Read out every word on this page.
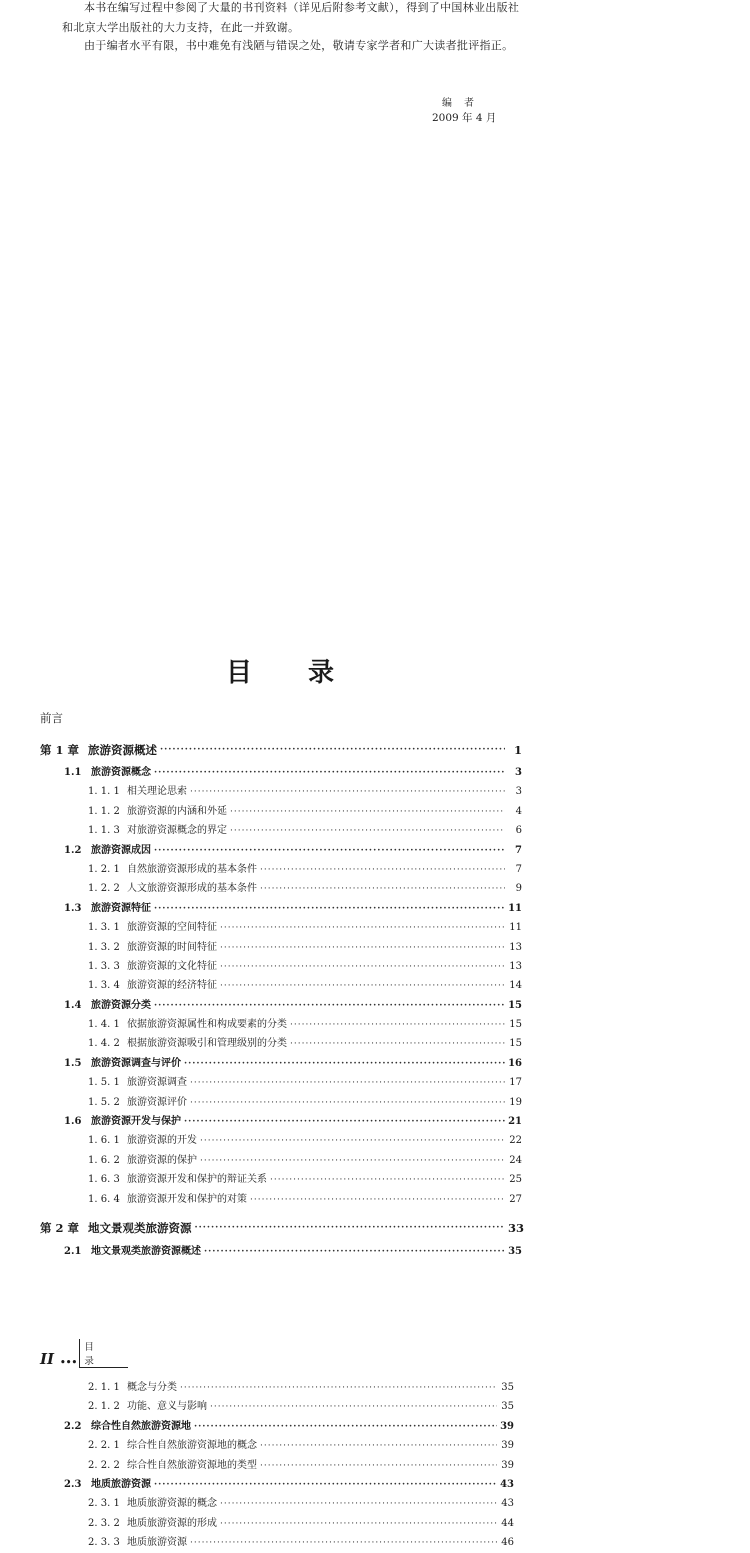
本书在编写过程中参阅了大量的书刊资料（详见后附参考文献），得到了中国林业出版社和北京大学出版社的大力支持，在此一并致谢。

由于编者水平有限，书中难免有浅陋与错误之处，敬请专家学者和广大读者批评指正。

编者
2009 年 4 月
目录
前言
第 1 章 旅游资源概述 ·····	1
1.1 旅游资源概念 ·····	3
1. 1. 1 相关理论思索 ·····	3
1. 1. 2 旅游资源的内涵和外延 ·····	4
1. 1. 3 对旅游资源概念的界定 ·····	6
1.2 旅游资源成因 ·····	7
1. 2. 1 自然旅游资源形成的基本条件 ·····	7
1. 2. 2 人文旅游资源形成的基本条件 ·····	9
1.3 旅游资源特征 ·····	11
1. 3. 1 旅游资源的空间特征 ·····	11
1. 3. 2 旅游资源的时间特征 ·····	13
1. 3. 3 旅游资源的文化特征 ·····	13
1. 3. 4 旅游资源的经济特征 ·····	14
1.4 旅游资源分类 ·····	15
1. 4. 1 依据旅游资源属性和构成要素的分类 ·····	15
1. 4. 2 根据旅游资源吸引和管理级别的分类 ·····	15
1.5 旅游资源调查与评价 ·····	16
1. 5. 1 旅游资源调查 ·····	17
1. 5. 2 旅游资源评价 ·····	19
1.6 旅游资源开发与保护 ·····	21
1. 6. 1 旅游资源的开发 ·····	22
1. 6. 2 旅游资源的保护 ·····	24
1. 6. 3 旅游资源开发和保护的辩证关系 ·····	25
1. 6. 4 旅游资源开发和保护的对策 ·····	27
第 2 章 地文景观类旅游资源 ·····	33
2.1 地文景观类旅游资源概述 ·····	35
II •••
目录
2. 1. 1 概念与分类 ·····	35
2. 1. 2 功能、意义与影响 ·····	35
2.2 综合性自然旅游资源地 ·····	39
2. 2. 1 综合性自然旅游资源地的概念 ·····	39
2. 2. 2 综合性自然旅游资源地的类型 ·····	39
2.3 地质旅游资源 ·····	43
2. 3. 1 地质旅游资源的概念 ·····	43
2. 3. 2 地质旅游资源的形成 ·····	44
2. 3. 3 地质旅游资源 ·····	46
